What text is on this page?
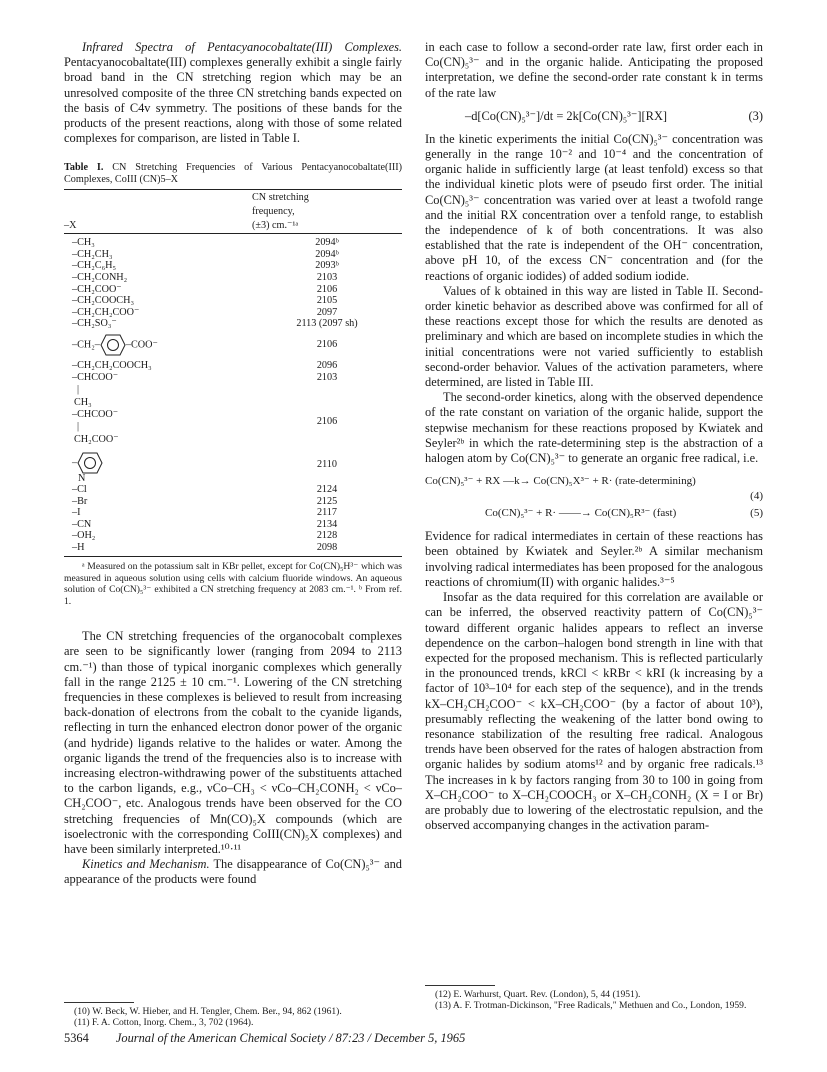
Infrared Spectra of Pentacyanocobaltate(III) Complexes. Pentacyanocobaltate(III) complexes generally exhibit a single fairly broad band in the CN stretching region which may be an unresolved composite of the three CN stretching bands expected on the basis of C4v symmetry. The positions of these bands for the products of the present reactions, along with those of some related complexes for comparison, are listed in Table I.

Table I. CN Stretching Frequencies of Various Pentacyanocobaltate(III) Complexes, CoIII (CN)5–X
	CN stretching
	frequency,
–X	(±3) cm.⁻¹ᵃ
–CH₃	2094ᵇ
–CH₂CH₃	2094ᵇ
–CH₂C₆H₅	2093ᵇ
–CH₂CONH₂	2103
–CH₂COO⁻	2106
–CH₂COOCH₃	2105
–CH₂CH₂COO⁻	2097
–CH₂SO₃⁻	2113 (2097 sh)
–CH₂– –COO⁻	2106
–CH₂CH₂COOCH₃	2096

–CHCOO⁻
|
CH₃	2103

–CHCOO⁻
|
CH₂COO⁻	2106
–
N	2110
–Cl	2124
–Br	2125
–I	2117
–CN	2134
–OH₂	2128
–H	2098

ᵃ Measured on the potassium salt in KBr pellet, except for Co(CN)₅H³⁻ which was measured in aqueous solution using cells with calcium fluoride windows. An aqueous solution of Co(CN)₅³⁻ exhibited a CN stretching frequency at 2083 cm.⁻¹. ᵇ From ref. 1.

The CN stretching frequencies of the organocobalt complexes are seen to be significantly lower (ranging from 2094 to 2113 cm.⁻¹) than those of typical inorganic complexes which generally fall in the range 2125 ± 10 cm.⁻¹. Lowering of the CN stretching frequencies in these complexes is believed to result from increasing back-donation of electrons from the cobalt to the cyanide ligands, reflecting in turn the enhanced electron donor power of the organic (and hydride) ligands relative to the halides or water. Among the organic ligands the trend of the frequencies also is to increase with increasing electron-withdrawing power of the substituents attached to the carbon ligands, e.g., νCo–CH₃ < νCo–CH₂CONH₂ < νCo–CH₂COO⁻, etc. Analogous trends have been observed for the CO stretching frequencies of Mn(CO)₅X compounds (which are isoelectronic with the corresponding CoIII(CN)₅X complexes) and have been similarly interpreted.¹⁰·¹¹

Kinetics and Mechanism. The disappearance of Co(CN)₅³⁻ and appearance of the products were found

(10) W. Beck, W. Hieber, and H. Tengler, Chem. Ber., 94, 862 (1961).
(11) F. A. Cotton, Inorg. Chem., 3, 702 (1964).

in each case to follow a second-order rate law, first order each in Co(CN)₅³⁻ and in the organic halide. Anticipating the proposed interpretation, we define the second-order rate constant k in terms of the rate law

–d[Co(CN)₅³⁻]/dt = 2k[Co(CN)₅³⁻][RX]	(3)

In the kinetic experiments the initial Co(CN)₅³⁻ concentration was generally in the range 10⁻² and 10⁻⁴ and the concentration of organic halide in sufficiently large (at least tenfold) excess so that the individual kinetic plots were of pseudo first order. The initial Co(CN)₅³⁻ concentration was varied over at least a twofold range and the initial RX concentration over a tenfold range, to establish the independence of k of both concentrations. It was also established that the rate is independent of the OH⁻ concentration, above pH 10, of the excess CN⁻ concentration and (for the reactions of organic iodides) of added sodium iodide.

Values of k obtained in this way are listed in Table II. Second-order kinetic behavior as described above was confirmed for all of these reactions except those for which the results are denoted as preliminary and which are based on incomplete studies in which the initial concentrations were not varied sufficiently to establish second-order behavior. Values of the activation parameters, where determined, are listed in Table III.

The second-order kinetics, along with the observed dependence of the rate constant on variation of the organic halide, support the stepwise mechanism for these reactions proposed by Kwiatek and Seyler²ᵇ in which the rate-determining step is the abstraction of a halogen atom by Co(CN)₅³⁻ to generate an organic free radical, i.e.

Co(CN)₅³⁻ + RX —k→ Co(CN)₅X³⁻ + R· (rate-determining)
(4)
Co(CN)₅³⁻ + R· ——→ Co(CN)₅R³⁻ (fast)	(5)

Evidence for radical intermediates in certain of these reactions has been obtained by Kwiatek and Seyler.²ᵇ A similar mechanism involving radical intermediates has been proposed for the analogous reactions of chromium(II) with organic halides.³⁻⁵

Insofar as the data required for this correlation are available or can be inferred, the observed reactivity pattern of Co(CN)₅³⁻ toward different organic halides appears to reflect an inverse dependence on the carbon–halogen bond strength in line with that expected for the proposed mechanism. This is reflected particularly in the pronounced trends, kRCl < kRBr < kRI (k increasing by a factor of 10³–10⁴ for each step of the sequence), and in the trends kX–CH₂CH₂COO⁻ < kX–CH₂COO⁻ (by a factor of about 10³), presumably reflecting the weakening of the latter bond owing to resonance stabilization of the resulting free radical. Analogous trends have been observed for the rates of halogen abstraction from organic halides by sodium atoms¹² and by organic free radicals.¹³ The increases in k by factors ranging from 30 to 100 in going from X–CH₂COO⁻ to X–CH₂COOCH₃ or X–CH₂CONH₂ (X = I or Br) are probably due to lowering of the electrostatic repulsion, and the observed accompanying changes in the activation param-

(12) E. Warhurst, Quart. Rev. (London), 5, 44 (1951).
(13) A. F. Trotman-Dickinson, "Free Radicals," Methuen and Co., London, 1959.
5364 Journal of the American Chemical Society / 87:23 / December 5, 1965
